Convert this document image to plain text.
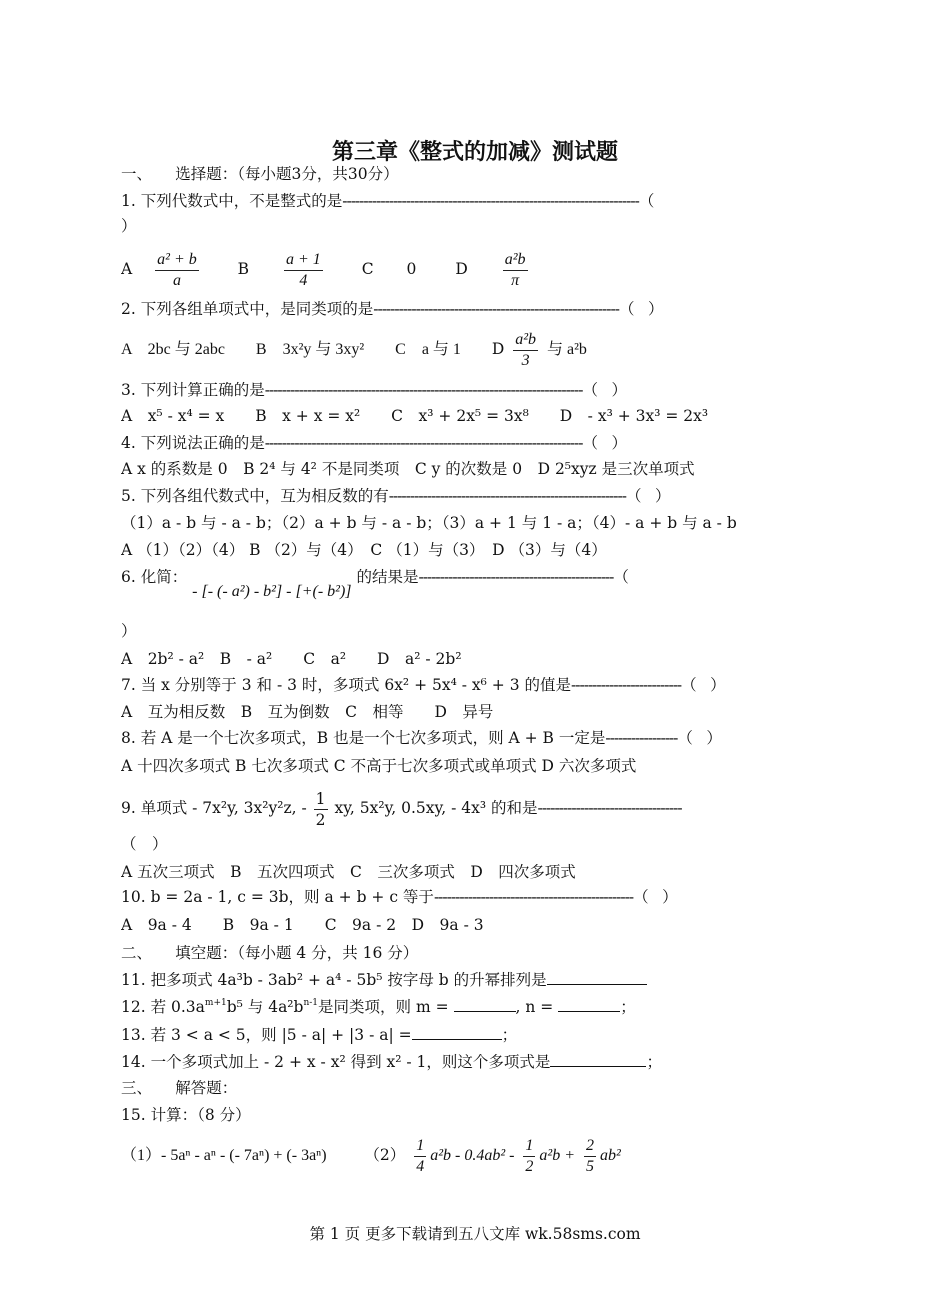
第三章《整式的加减》测试题
一、　　选择题：（每小题3分，共30分）
1. 下列代数式中，不是整式的是----------------------------------------------------------------------（
）
A $\frac{\text{a² + b}}{a}$	B $\frac{a + 1}{4}$	C 0	D $\frac{\text{a²b}}{\pi}$
2. 下列各组单项式中，是同类项的是----------------------------------------------------------（　）
A　2bc 与 2abc B　3x²y 与 3xy² C　a 与 1 D $\frac{\text{a²b}}{3}$ 与 a²b
3. 下列计算正确的是---------------------------------------------------------------------------（　）
A　x⁵ - x⁴ = x B　x + x = x² C　x³ + 2x⁵ = 3x⁸ D　- x³ + 3x³ = 2x³
4. 下列说法正确的是---------------------------------------------------------------------------（　）
A x 的系数是 0　B 2⁴ 与 4² 不是同类项　C y 的次数是 0　D 2⁵xyz 是三次单项式
5. 下列各组代数式中，互为相反数的有--------------------------------------------------------（　）
（1）a - b 与 - a - b；（2）a + b 与 - a - b；（3）a + 1 与 1 - a；（4）- a + b 与 a - b
A （1）（2）（4） B （2）与（4）　C （1）与（3）　D （3）与（4）
6. 化简： - [- (- a²) - b²] - [+(- b²)] 的结果是----------------------------------------------（
）
A　2b² - a²　B　- a²　　C　a²　　D　a² - 2b²
7. 当 x 分别等于 3 和 - 3 时，多项式 6x² + 5x⁴ - x⁶ + 3 的值是--------------------------（　）
A　互为相反数　B　互为倒数　C　相等　　D　异号
8. 若 A 是一个七次多项式，B 也是一个七次多项式，则 A + B 一定是-----------------（　）
A 十四次多项式 B 七次多项式 C 不高于七次多项式或单项式 D 六次多项式
9. 单项式 - 7x²y, 3x²y²z, - $\frac{1}{2}$ xy, 5x²y, 0.5xy, - 4x³ 的和是----------------------------------
（　）
A 五次三项式　B　五次四项式　C　三次多项式　D　四次多项式
10. b = 2a - 1, c = 3b，则 a + b + c 等于-----------------------------------------------（　）
A　9a - 4　　B　9a - 1　　C　9a - 2　D　9a - 3
二、　　填空题：（每小题 4 分，共 16 分）
11. 把多项式 4a³b - 3ab² + a⁴ - 5b⁵ 按字母 b 的升幂排列是
12. 若 $0.3a^{m+1}b^5$ 与 $4a^2b^{n-1}$是同类项，则 m =	, n =	；
13. 若 3 < a < 5，则 |5 - a| + |3 - a| =	；
14. 一个多项式加上 - 2 + x - x² 得到 x² - 1，则这个多项式是	；
三、　　解答题：
15. 计算：（8 分）
（1）- 5aⁿ - aⁿ - (- 7aⁿ) + (- 3aⁿ) $(2) \frac{1}{4} a^2b - 0.4ab^2 - \frac{1}{2} a^2b + \frac{2}{5} ab^2$
第 1 页 更多下载请到五八文库 wk.58sms.com
